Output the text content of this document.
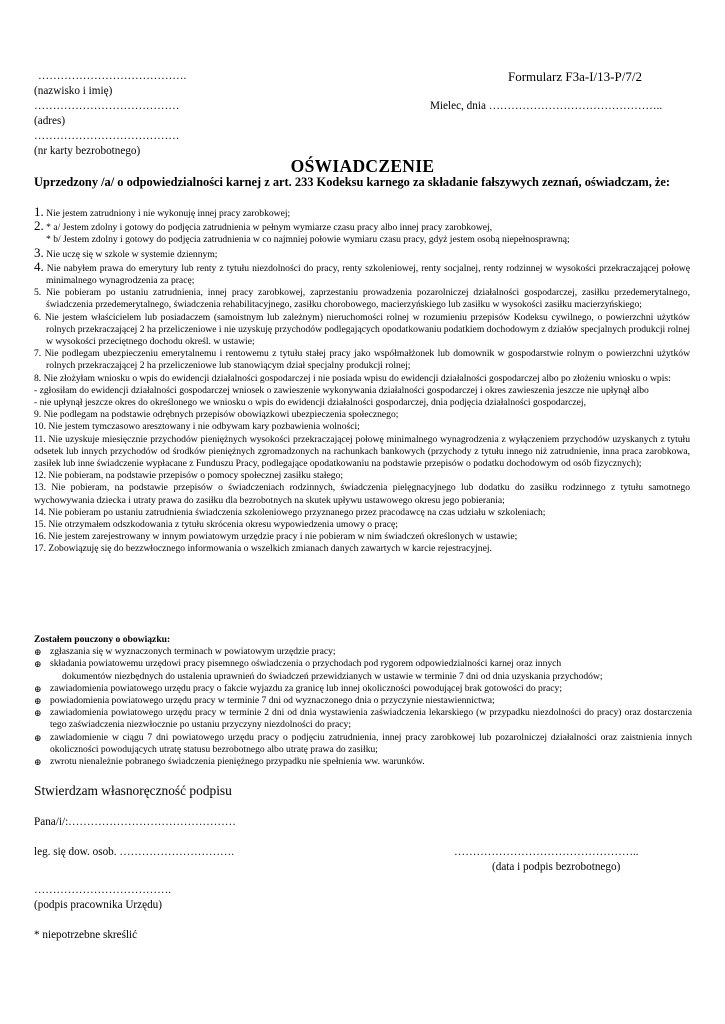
………………………………….	Formularz F3a-I/13-P/7/2
(nazwisko i imię)
…………………………………	Mielec, dnia ………………………………………..
(adres)
…………………………………
(nr karty bezrobotnego)
OŚWIADCZENIE
Uprzedzony /a/ o odpowiedzialności karnej z art. 233 Kodeksu karnego za składanie fałszywych zeznań, oświadczam, że:

1. Nie jestem zatrudniony i nie wykonuję innej pracy zarobkowej;

2. * a/ Jestem zdolny i gotowy do podjęcia zatrudnienia w pełnym wymiarze czasu pracy albo innej pracy zarobkowej,

* b/ Jestem zdolny i gotowy do podjęcia zatrudnienia w co najmniej połowie wymiaru czasu pracy, gdyż jestem osobą niepełnosprawną;

3. Nie uczę się w szkole w systemie dziennym;

4. Nie nabyłem prawa do emerytury lub renty z tytułu niezdolności do pracy, renty szkoleniowej, renty socjalnej, renty rodzinnej w wysokości przekraczającej połowę minimalnego wynagrodzenia za pracę;

5. Nie pobieram po ustaniu zatrudnienia, innej pracy zarobkowej, zaprzestaniu prowadzenia pozarolniczej działalności gospodarczej, zasiłku przedemerytalnego, świadczenia przedemerytalnego, świadczenia rehabilitacyjnego, zasiłku chorobowego, macierzyńskiego lub zasiłku w wysokości zasiłku macierzyńskiego;

6. Nie jestem właścicielem lub posiadaczem (samoistnym lub zależnym) nieruchomości rolnej w rozumieniu przepisów Kodeksu cywilnego, o powierzchni użytków rolnych przekraczającej 2 ha przeliczeniowe i nie uzyskuję przychodów podlegających opodatkowaniu podatkiem dochodowym z działów specjalnych produkcji rolnej w wysokości przeciętnego dochodu określ. w ustawie;

7. Nie podlegam ubezpieczeniu emerytalnemu i rentowemu z tytułu stałej pracy jako współmałżonek lub domownik w gospodarstwie rolnym o powierzchni użytków rolnych przekraczającej 2 ha przeliczeniowe lub stanowiącym dział specjalny produkcji rolnej;

8. Nie złożyłam wniosku o wpis do ewidencji działalności gospodarczej i nie posiada wpisu do ewidencji działalności gospodarczej albo po złożeniu wniosku o wpis:

- zgłosiłam do ewidencji działalności gospodarczej wniosek o zawieszenie wykonywania działalności gospodarczej i okres zawieszenia jeszcze nie upłynął albo

- nie upłynął jeszcze okres do określonego we wniosku o wpis do ewidencji działalności gospodarczej, dnia podjęcia działalności gospodarczej,

9. Nie podlegam na podstawie odrębnych przepisów obowiązkowi ubezpieczenia społecznego;

10. Nie jestem tymczasowo aresztowany i nie odbywam kary pozbawienia wolności;

11. Nie uzyskuje miesięcznie przychodów pieniężnych wysokości przekraczającej połowę minimalnego wynagrodzenia z wyłączeniem przychodów uzyskanych z tytułu odsetek lub innych przychodów od środków pieniężnych zgromadzonych na rachunkach bankowych (przychody z tytułu innego niż zatrudnienie, inna praca zarobkowa, zasiłek lub inne świadczenie wypłacane z Funduszu Pracy, podlegające opodatkowaniu na podstawie przepisów o podatku dochodowym od osób fizycznych);

12. Nie pobieram, na podstawie przepisów o pomocy społecznej zasiłku stałego;

13. Nie pobieram, na podstawie przepisów o świadczeniach rodzinnych, świadczenia pielęgnacyjnego lub dodatku do zasiłku rodzinnego z tytułu samotnego wychowywania dziecka i utraty prawa do zasiłku dla bezrobotnych na skutek upływu ustawowego okresu jego pobierania;

14. Nie pobieram po ustaniu zatrudnienia świadczenia szkoleniowego przyznanego przez pracodawcę na czas udziału w szkoleniach;

15. Nie otrzymałem odszkodowania z tytułu skrócenia okresu wypowiedzenia umowy o pracę;

16. Nie jestem zarejestrowany w innym powiatowym urzędzie pracy i nie pobieram w nim świadczeń określonych w ustawie;

17. Zobowiązuję się do bezzwłocznego informowania o wszelkich zmianach danych zawartych w karcie rejestracyjnej.

Zostałem pouczony o obowiązku:

⊕ zgłaszania się w wyznaczonych terminach w powiatowym urzędzie pracy;

⊕ składania powiatowemu urzędowi pracy pisemnego oświadczenia o przychodach pod rygorem odpowiedzialności karnej oraz innych
dokumentów niezbędnych do ustalenia uprawnień do świadczeń przewidzianych w ustawie w terminie 7 dni od dnia uzyskania przychodów;

⊕ zawiadomienia powiatowego urzędu pracy o fakcie wyjazdu za granicę lub innej okoliczności powodującej brak gotowości do pracy;

⊕ powiadomienia powiatowego urzędu pracy w terminie 7 dni od wyznaczonego dnia o przyczynie niestawiennictwa;

⊕ zawiadomienia powiatowego urzędu pracy w terminie 2 dni od dnia wystawienia zaświadczenia lekarskiego (w przypadku niezdolności do pracy) oraz dostarczenia tego zaświadczenia niezwłocznie po ustaniu przyczyny niezdolności do pracy;

⊕ zawiadomienie w ciągu 7 dni powiatowego urzędu pracy o podjęciu zatrudnienia, innej pracy zarobkowej lub pozarolniczej działalności oraz zaistnienia innych okoliczności powodujących utratę statusu bezrobotnego albo utratę prawa do zasiłku;

⊕ zwrotu nienależnie pobranego świadczenia pieniężnego przypadku nie spełnienia ww. warunków.

Stwierdzam własnoręczność podpisu
Pana/i/:………………………………………
leg. się dow. osob. ………………………….	…………………………………………..
(data i podpis bezrobotnego)
……………………………….
(podpis pracownika Urzędu)
* niepotrzebne skreślić
